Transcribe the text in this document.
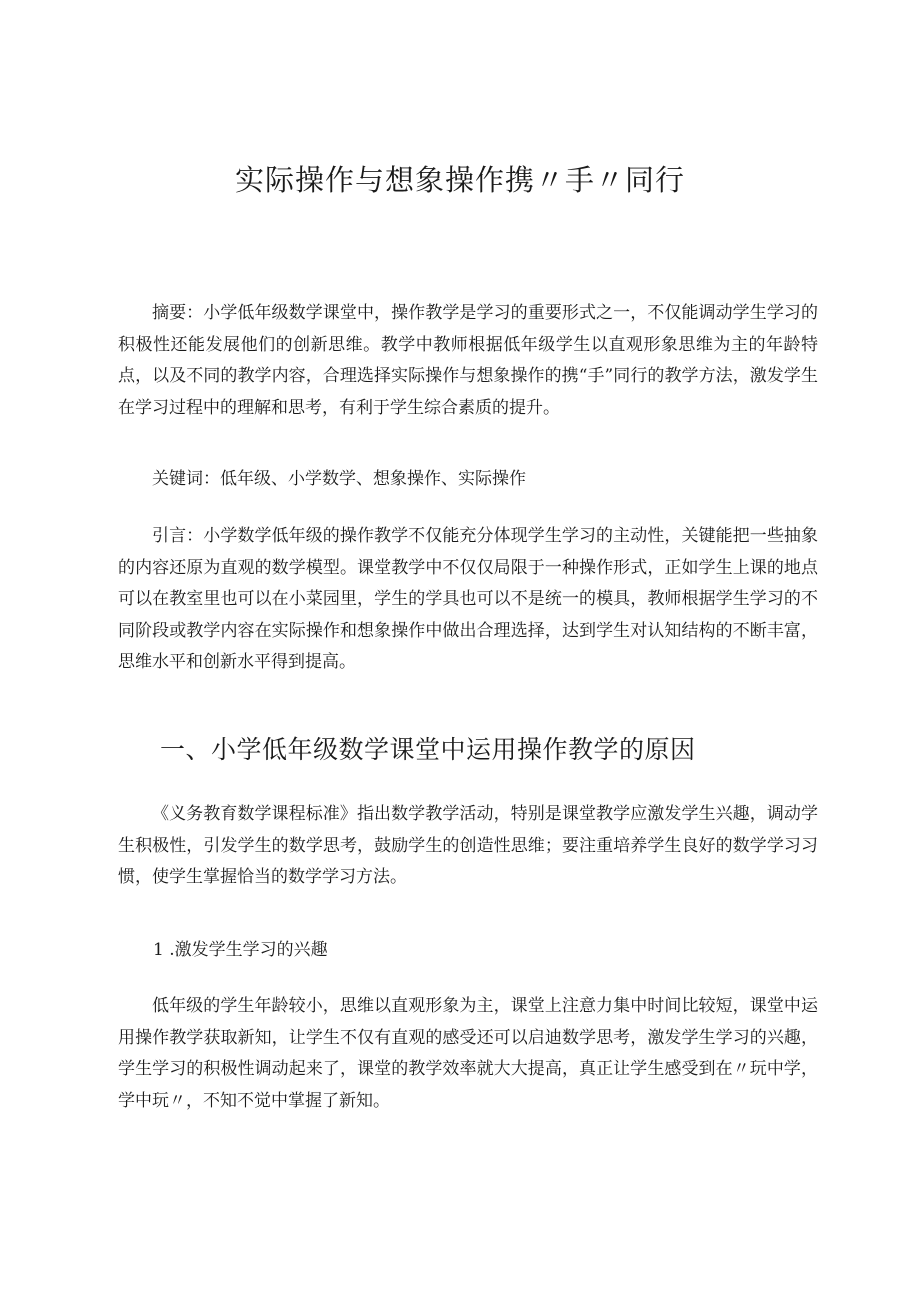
实际操作与想象操作携〃手〃同行

摘要：小学低年级数学课堂中，操作教学是学习的重要形式之一，不仅能调动学生学习的积极性还能发展他们的创新思维。教学中教师根据低年级学生以直观形象思维为主的年龄特点，以及不同的教学内容，合理选择实际操作与想象操作的携“手”同行的教学方法，激发学生在学习过程中的理解和思考，有利于学生综合素质的提升。

关键词：低年级、小学数学、想象操作、实际操作

引言：小学数学低年级的操作教学不仅能充分体现学生学习的主动性，关键能把一些抽象的内容还原为直观的数学模型。课堂教学中不仅仅局限于一种操作形式，正如学生上课的地点可以在教室里也可以在小菜园里，学生的学具也可以不是统一的模具，教师根据学生学习的不同阶段或教学内容在实际操作和想象操作中做出合理选择，达到学生对认知结构的不断丰富，思维水平和创新水平得到提高。

一、小学低年级数学课堂中运用操作教学的原因

《义务教育数学课程标准》指出数学教学活动，特别是课堂教学应激发学生兴趣，调动学生积极性，引发学生的数学思考，鼓励学生的创造性思维；要注重培养学生良好的数学学习习惯，使学生掌握恰当的数学学习方法。

1 .激发学生学习的兴趣

低年级的学生年龄较小，思维以直观形象为主，课堂上注意力集中时间比较短，课堂中运用操作教学获取新知，让学生不仅有直观的感受还可以启迪数学思考，激发学生学习的兴趣，学生学习的积极性调动起来了，课堂的教学效率就大大提高，真正让学生感受到在〃玩中学，学中玩〃，不知不觉中掌握了新知。
